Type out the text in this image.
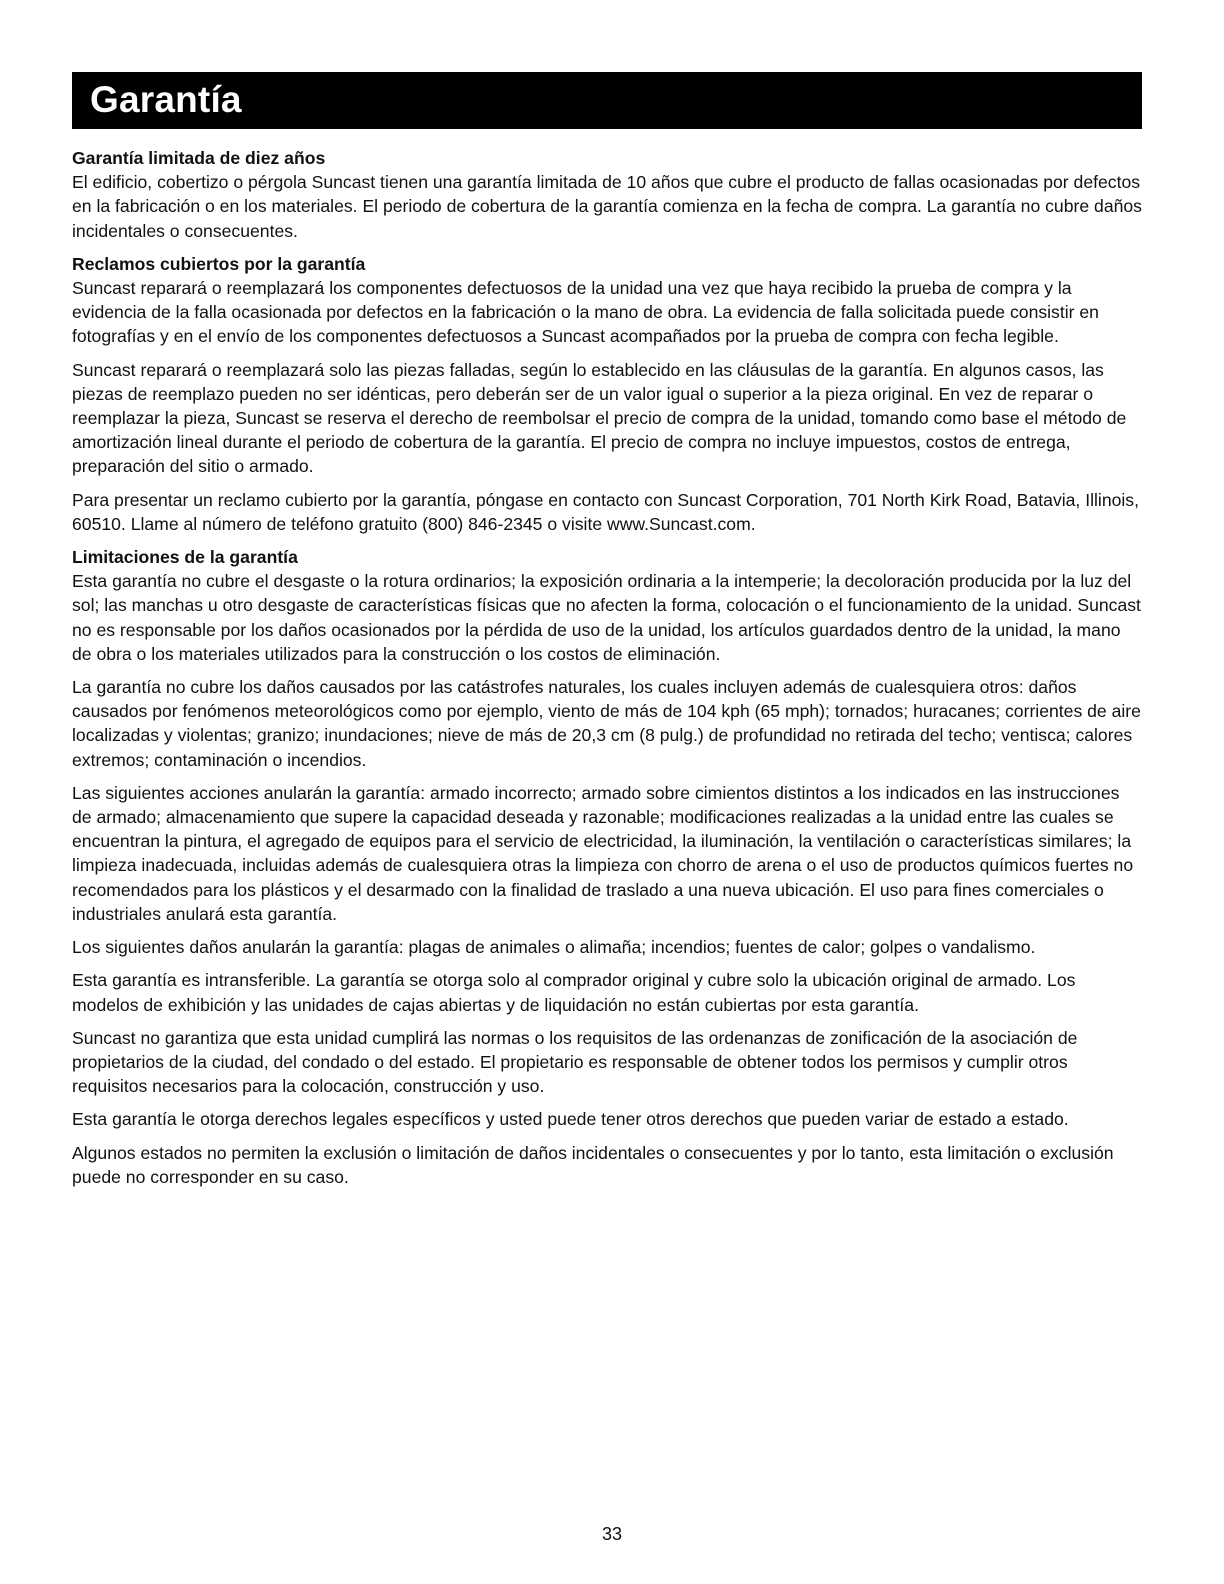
Garantía
Garantía limitada de diez años

El edificio, cobertizo o pérgola Suncast tienen una garantía limitada de 10 años que cubre el producto de fallas ocasionadas por defectos en la fabricación o en los materiales. El periodo de cobertura de la garantía comienza en la fecha de compra. La garantía no cubre daños incidentales o consecuentes.

Reclamos cubiertos por la garantía

Suncast reparará o reemplazará los componentes defectuosos de la unidad una vez que haya recibido la prueba de compra y la evidencia de la falla ocasionada por defectos en la fabricación o la mano de obra. La evidencia de falla solicitada puede consistir en fotografías y en el envío de los componentes defectuosos a Suncast acompañados por la prueba de compra con fecha legible.

Suncast reparará o reemplazará solo las piezas falladas, según lo establecido en las cláusulas de la garantía. En algunos casos, las piezas de reemplazo pueden no ser idénticas, pero deberán ser de un valor igual o superior a la pieza original. En vez de reparar o reemplazar la pieza, Suncast se reserva el derecho de reembolsar el precio de compra de la unidad, tomando como base el método de amortización lineal durante el periodo de cobertura de la garantía. El precio de compra no incluye impuestos, costos de entrega, preparación del sitio o armado.

Para presentar un reclamo cubierto por la garantía, póngase en contacto con Suncast Corporation, 701 North Kirk Road, Batavia, Illinois, 60510. Llame al número de teléfono gratuito (800) 846-2345 o visite www.Suncast.com.

Limitaciones de la garantía

Esta garantía no cubre el desgaste o la rotura ordinarios; la exposición ordinaria a la intemperie; la decoloración producida por la luz del sol; las manchas u otro desgaste de características físicas que no afecten la forma, colocación o el funcionamiento de la unidad. Suncast no es responsable por los daños ocasionados por la pérdida de uso de la unidad, los artículos guardados dentro de la unidad, la mano de obra o los materiales utilizados para la construcción o los costos de eliminación.

La garantía no cubre los daños causados por las catástrofes naturales, los cuales incluyen además de cualesquiera otros: daños causados por fenómenos meteorológicos como por ejemplo, viento de más de 104 kph (65 mph); tornados; huracanes; corrientes de aire localizadas y violentas; granizo; inundaciones; nieve de más de 20,3 cm (8 pulg.) de profundidad no retirada del techo; ventisca; calores extremos; contaminación o incendios.

Las siguientes acciones anularán la garantía: armado incorrecto; armado sobre cimientos distintos a los indicados en las instrucciones de armado; almacenamiento que supere la capacidad deseada y razonable; modificaciones realizadas a la unidad entre las cuales se encuentran la pintura, el agregado de equipos para el servicio de electricidad, la iluminación, la ventilación o características similares; la limpieza inadecuada, incluidas además de cualesquiera otras la limpieza con chorro de arena o el uso de productos químicos fuertes no recomendados para los plásticos y el desarmado con la finalidad de traslado a una nueva ubicación. El uso para fines comerciales o industriales anulará esta garantía.

Los siguientes daños anularán la garantía: plagas de animales o alimaña; incendios; fuentes de calor; golpes o vandalismo.

Esta garantía es intransferible. La garantía se otorga solo al comprador original y cubre solo la ubicación original de armado. Los modelos de exhibición y las unidades de cajas abiertas y de liquidación no están cubiertas por esta garantía.

Suncast no garantiza que esta unidad cumplirá las normas o los requisitos de las ordenanzas de zonificación de la asociación de propietarios de la ciudad, del condado o del estado. El propietario es responsable de obtener todos los permisos y cumplir otros requisitos necesarios para la colocación, construcción y uso.

Esta garantía le otorga derechos legales específicos y usted puede tener otros derechos que pueden variar de estado a estado.

Algunos estados no permiten la exclusión o limitación de daños incidentales o consecuentes y por lo tanto, esta limitación o exclusión puede no corresponder en su caso.

33
